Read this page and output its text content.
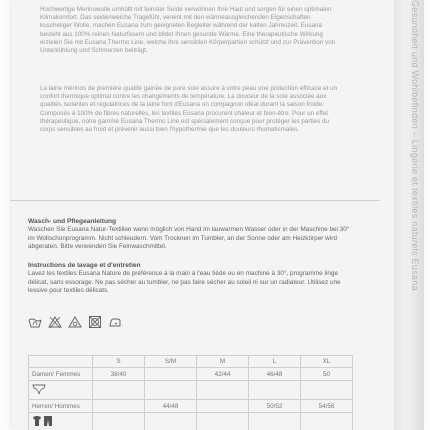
Gesundheit und Wohlbefinden – Lingerie et textiles naturels Eusana

Hochwertige Merinowolle umhüllt mit feinster Seide verwöhnen Ihre Haut und sorgen für einen optimalen Klimakomfort. Das seidenweiche Tragefühl, vereint mit den wärmeausgleichenden Eigenschaften kuscheliger Wolle, machen Eusana zum geeigneten Begleiter während der kalten Jahreszeit. Eusana besteht aus 100% reinen Naturfasern und bildet Ihnen gesunde Wärme. Eine therapeutische Wirkung erzielen Sie mit Eusana Thermo Line, welche Ihre sensiblen Körperpartien schützt und zur Prävention von Unterkühlung und Schmerzen beiträgt.

La laine mérinos de première qualité gainée de pure soie assure à votre peau une protection efficace et un confort thermique optimal contre les changements de température. La douceur de la soie associée aux qualités isolantes et régulatrices de la laine font d'Eusana un compagnon idéal durant la saison froide. Composés à 100% de fibres naturelles, les textiles Eusana procurent chaleur et bien-être. Pour un effet thérapeutique, notre gamme Eusana Thermo Line est spécialement conçue pour protéger les parties du corps sensibles au froid et prévenir aussi bien l'hypothermie que les douleurs rhumatismales.

Wasch- und Pflegeanleitung

Waschen Sie Eusana Natur-Textilien wenn möglich von Hand im lauwarmen Wasser oder in der Maschine bei 30° im Wollschonprogramm. Nicht schleudern. Vom Trocknen im Tumbler, an der Sonne oder am Heizkörper wird abgeraten. Bitte verwenden Sie Feinwaschmittel.

Instructions de lavage et d'entretien

Lavez les textiles Eusana Nature de préférence à la main à l'eau tiède ou en machine à 30°, programme linge délicat, sans essorage. Ne pas sécher au tumbler, ne pas faire sécher au soleil ni sur un radiateur. Utilisez une lessive pour textiles délicats.

	S	S/M	M	L	XL
Damen/ Femmes	38/40		42/44	46/48	50

Herren/ Hommes		44/48		50/52	54/56
